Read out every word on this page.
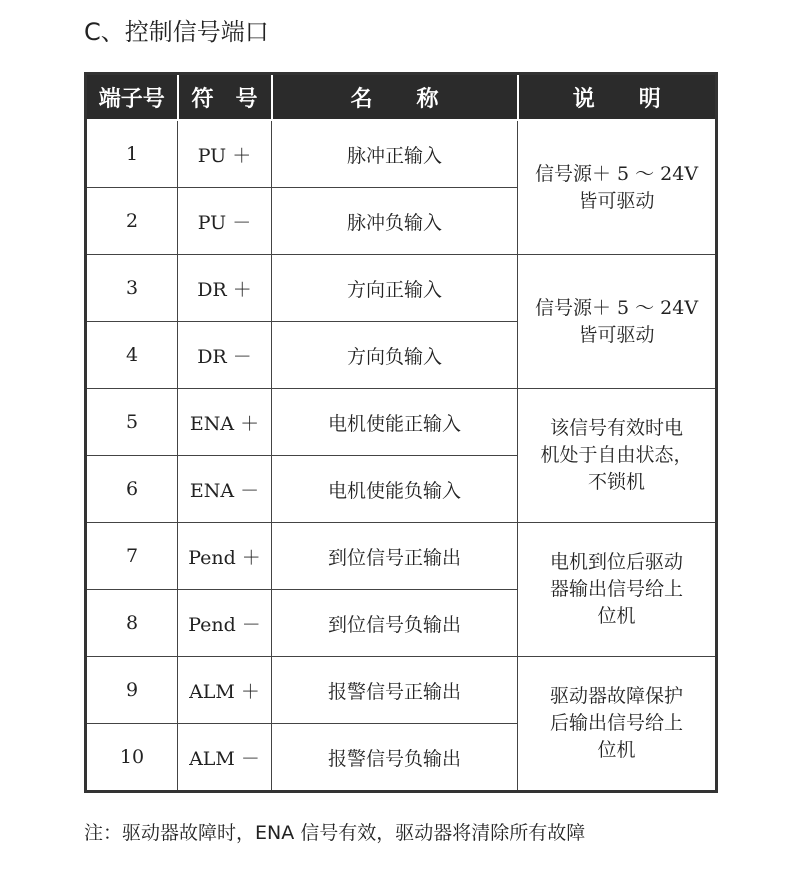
C、控制信号端口
端子号	符　号	名　　称	说　　明
1	PU ＋	脉冲正输入	信号源＋ 5 ～ 24V
皆可驱动

2	PU －	脉冲负输入	
3	DR ＋	方向正输入	信号源＋ 5 ～ 24V
皆可驱动

4	DR －	方向负输入	
5	ENA ＋	电机使能正输入	该信号有效时电
机处于自由状态，
不锁机

6	ENA －	电机使能负输入	
7	Pend ＋	到位信号正输出	电机到位后驱动
器输出信号给上
位机

8	Pend －	到位信号负输出	
9	ALM ＋	报警信号正输出	驱动器故障保护
后输出信号给上
位机

10	ALM －	报警信号负输出	
注：驱动器故障时，ENA 信号有效，驱动器将清除所有故障
